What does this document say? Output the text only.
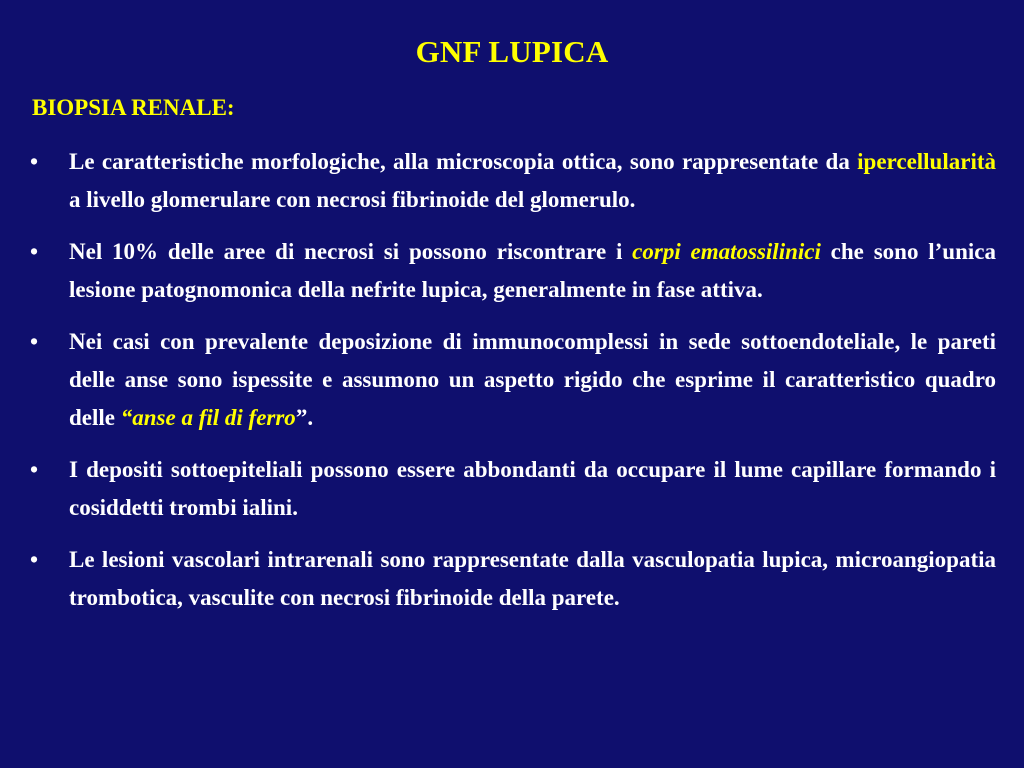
GNF LUPICA
BIOPSIA RENALE:
•	Le caratteristiche morfologiche, alla microscopia ottica, sono rappresentate da ipercellularità a livello glomerulare con necrosi fibrinoide del glomerulo.
•	Nel 10% delle aree di necrosi si possono riscontrare i corpi ematossilinici che sono l’unica lesione patognomonica della nefrite lupica, generalmente in fase attiva.
•	Nei casi con prevalente deposizione di immunocomplessi in sede sottoendoteliale, le pareti delle anse sono ispessite e assumono un aspetto rigido che esprime il caratteristico quadro delle “anse a fil di ferro”.
•	I depositi sottoepiteliali possono essere abbondanti da occupare il lume capillare formando i cosiddetti trombi ialini.
•	Le lesioni vascolari intrarenali sono rappresentate dalla vasculopatia lupica, microangiopatia trombotica, vasculite con necrosi fibrinoide della parete.
